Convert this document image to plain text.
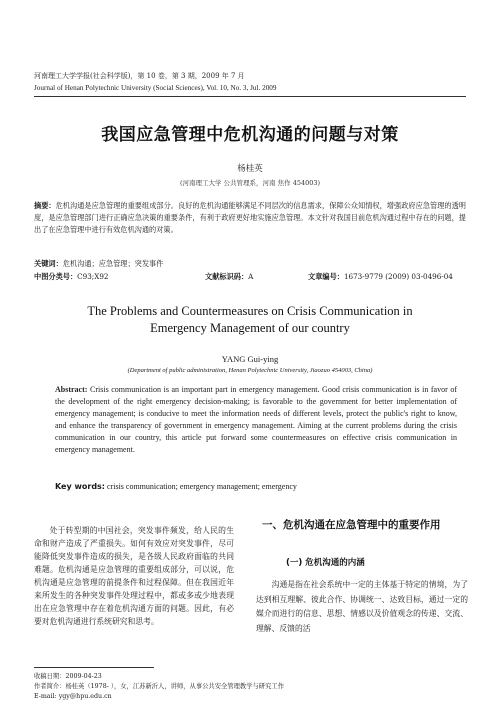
河南理工大学学报(社会科学版)，第 10 卷，第 3 期，2009 年 7 月
Journal of Henan Polytechnic University (Social Sciences), Vol. 10, No. 3, Jul. 2009
我国应急管理中危机沟通的问题与对策
杨桂英
(河南理工大学 公共管理系，河南 焦作 454003)
摘要：危机沟通是应急管理的重要组成部分。良好的危机沟通能够满足不同层次的信息需求，保障公众知情权，增强政府应急管理的透明度，是应急管理部门进行正确应急决策的重要条件，有利于政府更好地实施应急管理。本文针对我国目前危机沟通过程中存在的问题，提出了在应急管理中进行有效危机沟通的对策。
关键词：危机沟通；应急管理；突发事件
中图分类号：C93;X92	文献标识码：A	文章编号：1673-9779 (2009) 03-0496-04
The Problems and Countermeasures on Crisis Communication in
Emergency Management of our country
YANG Gui-ying
(Department of public administration, Henan Polytechnic University, Jiaozuo 454003, China)
Abstract: Crisis communication is an important part in emergency management. Good crisis communication is in favor of the development of the right emergency decision-making; is favorable to the government for better implementation of emergency management; is conducive to meet the information needs of different levels, protect the public's right to know, and enhance the transparency of government in emergency management. Aiming at the current problems during the crisis communication in our country, this article put forward some countermeasures on effective crisis communication in emergency management.
Key words: crisis communication; emergency management; emergency

处于转型期的中国社会，突发事件频发，给人民的生命和财产造成了严重损失。如何有效应对突发事件，尽可能降低突发事件造成的损失，是各级人民政府面临的共同难题。危机沟通是应急管理的重要组成部分，可以说，危机沟通是应急管理的前提条件和过程保障。但在我国近年来所发生的各种突发事件处理过程中，都或多或少地表现出在应急管理中存在着危机沟通方面的问题。因此，有必要对危机沟通进行系统研究和思考。

一、危机沟通在应急管理中的重要作用
(一) 危机沟通的内涵

沟通是指在社会系统中一定的主体基于特定的情境，为了达到相互理解、彼此合作、协调统一、达致目标，通过一定的媒介而进行的信息、思想、情感以及价值观念的传递、交流、理解、反馈的活

收稿日期：2009-04-23
作者简介：杨桂英（1978- ），女，江苏新沂人，讲师，从事公共安全管理教学与研究工作
E-mail: ygy@hpu.edu.cn
